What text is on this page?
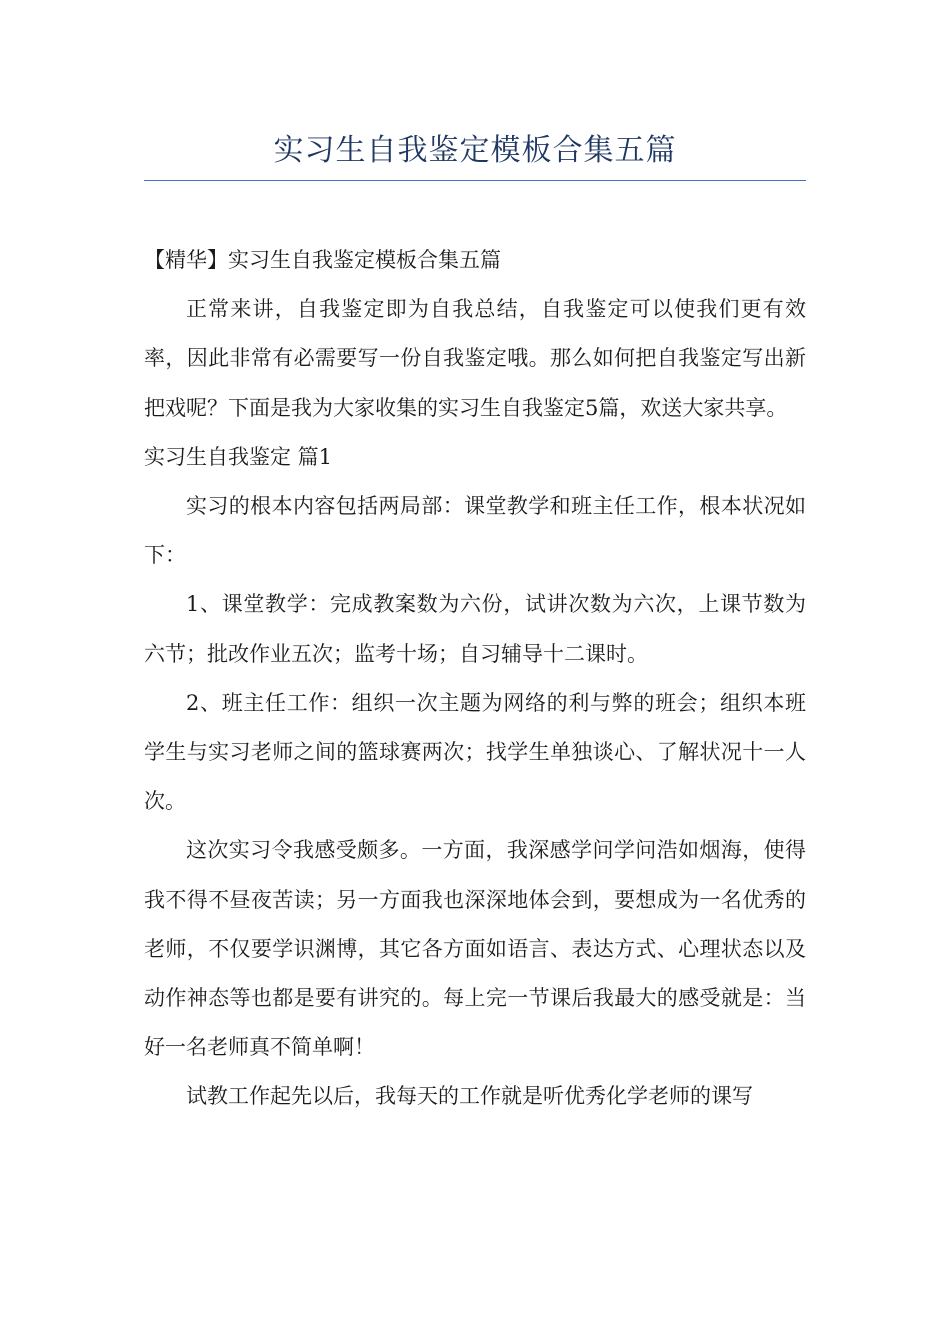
实习生自我鉴定模板合集五篇

【精华】实习生自我鉴定模板合集五篇

正常来讲，自我鉴定即为自我总结，自我鉴定可以使我们更有效率，因此非常有必需要写一份自我鉴定哦。那么如何把自我鉴定写出新把戏呢？下面是我为大家收集的实习生自我鉴定5篇，欢送大家共享。

实习生自我鉴定 篇1

实习的根本内容包括两局部：课堂教学和班主任工作，根本状况如下：

1、课堂教学：完成教案数为六份，试讲次数为六次，上课节数为六节；批改作业五次；监考十场；自习辅导十二课时。

2、班主任工作：组织一次主题为网络的利与弊的班会；组织本班学生与实习老师之间的篮球赛两次；找学生单独谈心、了解状况十一人次。

这次实习令我感受颇多。一方面，我深感学问学问浩如烟海，使得我不得不昼夜苦读；另一方面我也深深地体会到，要想成为一名优秀的老师，不仅要学识渊博，其它各方面如语言、表达方式、心理状态以及动作神态等也都是要有讲究的。每上完一节课后我最大的感受就是：当好一名老师真不简单啊！

试教工作起先以后，我每天的工作就是听优秀化学老师的课写
